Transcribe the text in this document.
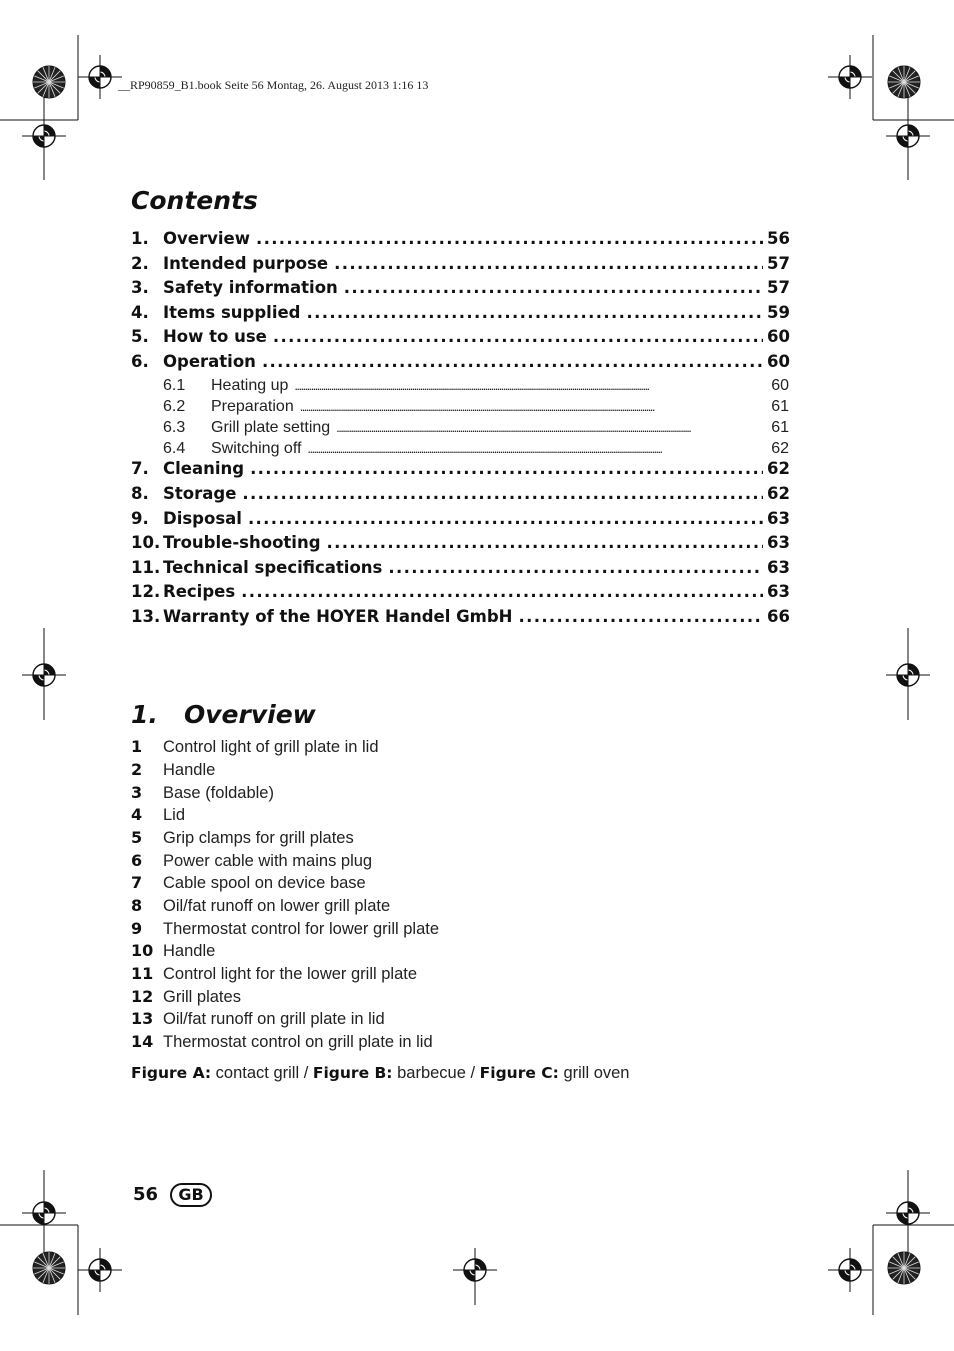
__RP90859_B1.book Seite 56 Montag, 26. August 2013 1:16 13
Contents
1. Overview . . .	56
2. Intended purpose . . .	57
3. Safety information . . .	57
4. Items supplied . . .	59
5. How to use . . .	60
6. Operation . . .	60
6.1	Heating up . . .	60
6.2	Preparation . . .	61
6.3	Grill plate setting . . .	61
6.4	Switching off . . .	62
7. Cleaning . . .	62
8. Storage . . .	62
9. Disposal . . .	63
10. Trouble-shooting . . .	63
11. Technical specifications . . .	63
12. Recipes . . .	63
13. Warranty of the HOYER Handel GmbH . . .	66
1.   Overview
1 Control light of grill plate in lid
2 Handle
3 Base (foldable)
4 Lid
5 Grip clamps for grill plates
6 Power cable with mains plug
7 Cable spool on device base
8 Oil/fat runoff on lower grill plate
9 Thermostat control for lower grill plate
10 Handle
11 Control light for the lower grill plate
12 Grill plates
13 Oil/fat runoff on grill plate in lid
14 Thermostat control on grill plate in lid
Figure A: contact grill / Figure B: barbecue / Figure C: grill oven
56	GB
